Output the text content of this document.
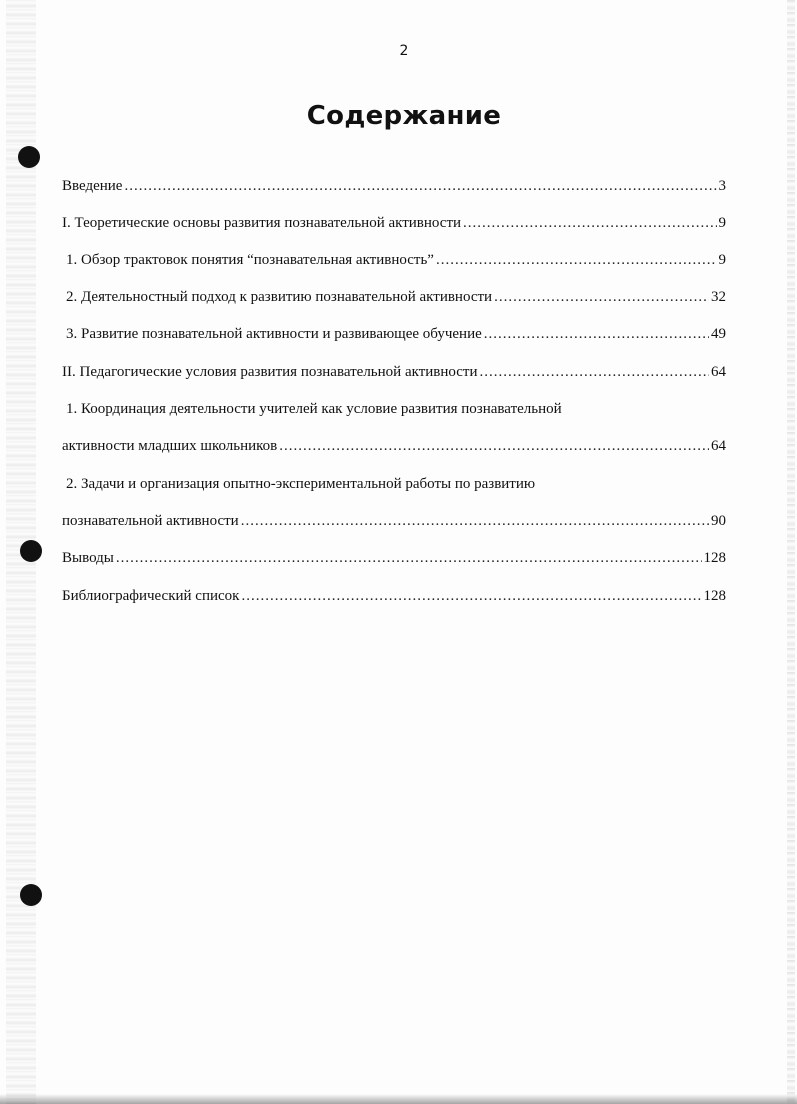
2
Содержание
Введение .....	3
I. Теоретические основы развития познавательной активности .....	9
1. Обзор трактовок понятия “познавательная активность” .....	9
2. Деятельностный подход к развитию познавательной активности .....	32
3. Развитие познавательной активности и развивающее обучение .....	49
II. Педагогические условия развития познавательной активности .....	64
1. Координация деятельности учителей как условие развития познавательной
активности младших школьников .....	64
2. Задачи и организация опытно-экспериментальной работы по развитию
познавательной активности .....	90
Выводы .....	128
Библиографический список .....	128
